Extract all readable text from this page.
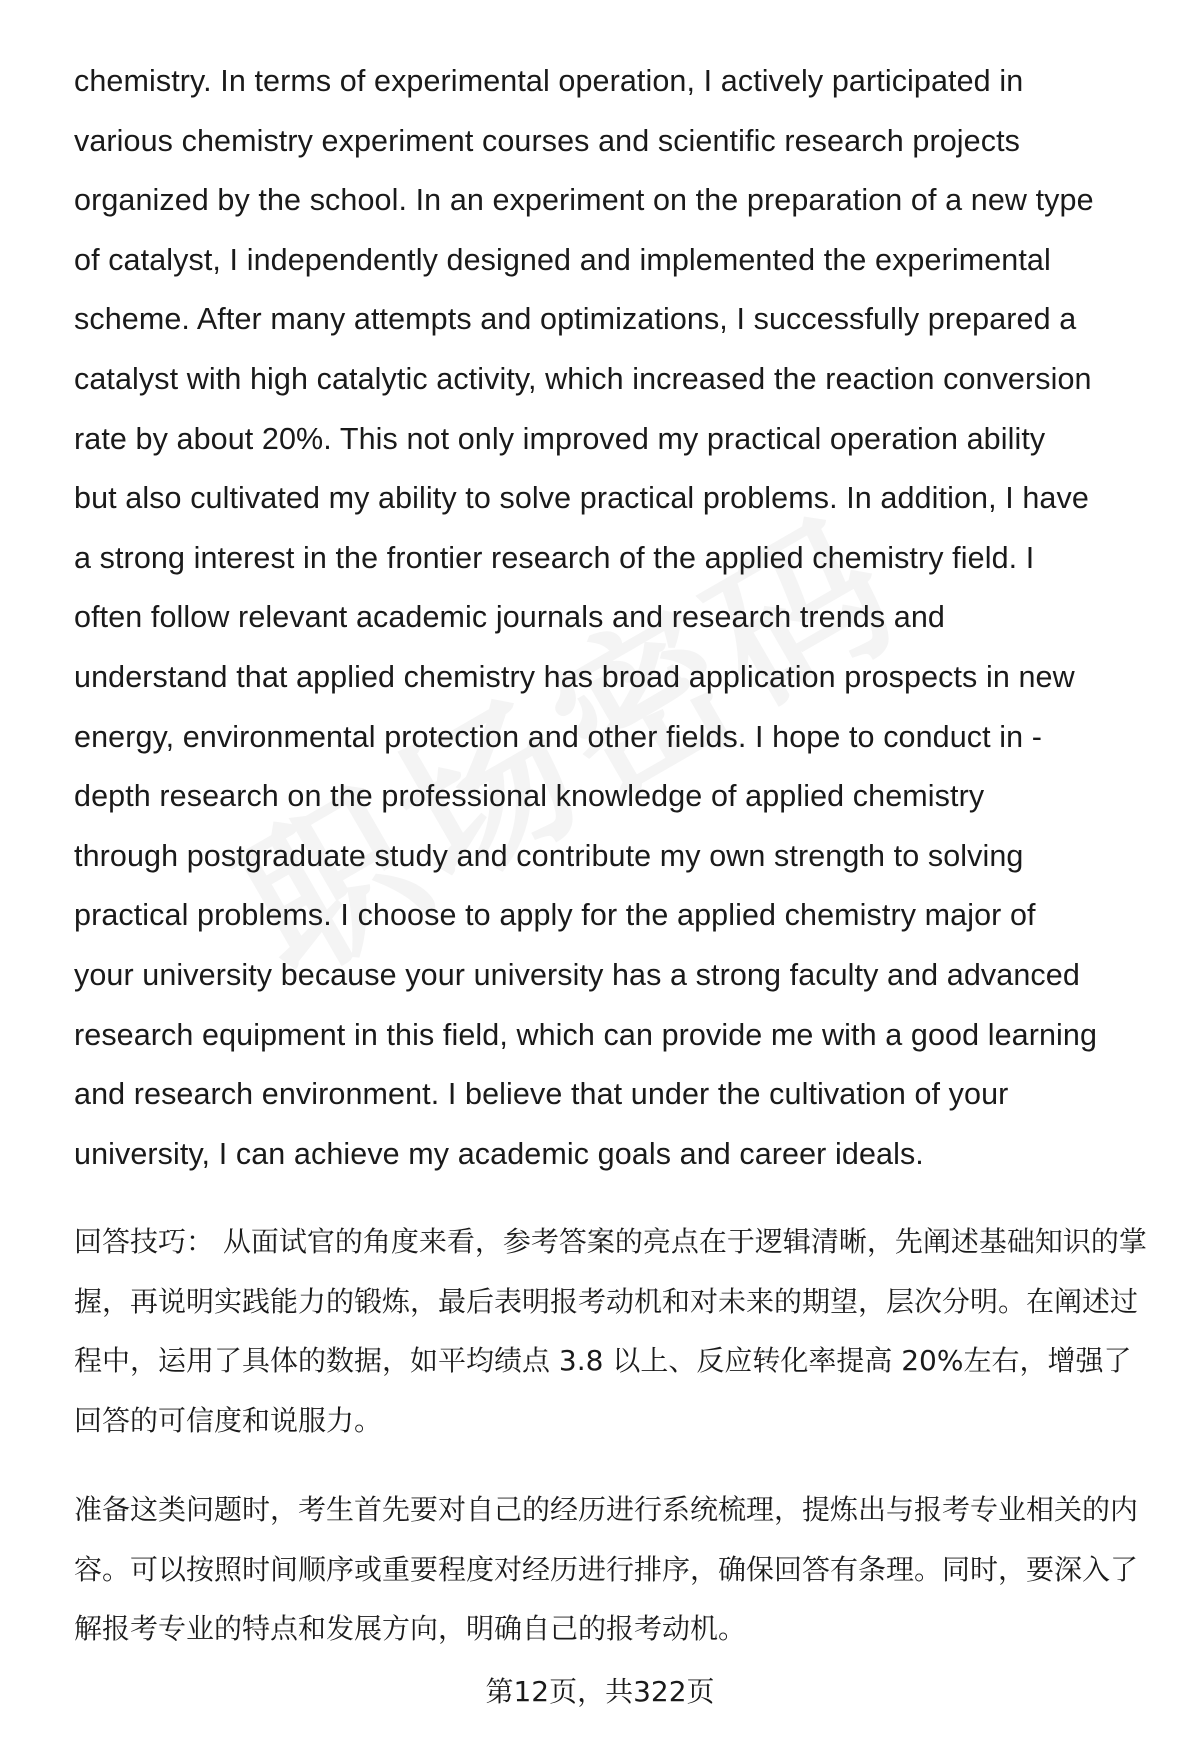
chemistry. In terms of experimental operation, I actively participated in
various chemistry experiment courses and scientific research projects
organized by the school. In an experiment on the preparation of a new type
of catalyst, I independently designed and implemented the experimental
scheme. After many attempts and optimizations, I successfully prepared a
catalyst with high catalytic activity, which increased the reaction conversion
rate by about 20%. This not only improved my practical operation ability
but also cultivated my ability to solve practical problems. In addition, I have
a strong interest in the frontier research of the applied chemistry field. I
often follow relevant academic journals and research trends and
understand that applied chemistry has broad application prospects in new
energy, environmental protection and other fields. I hope to conduct in -
depth research on the professional knowledge of applied chemistry
through postgraduate study and contribute my own strength to solving
practical problems. I choose to apply for the applied chemistry major of
your university because your university has a strong faculty and advanced
research equipment in this field, which can provide me with a good learning
and research environment. I believe that under the cultivation of your
university, I can achieve my academic goals and career ideals.

回答技巧： 从面试官的角度来看，参考答案的亮点在于逻辑清晰，先阐述基础知识的掌握，再说明实践能力的锻炼，最后表明报考动机和对未来的期望，层次分明。在阐述过程中，运用了具体的数据，如平均绩点 3.8 以上、反应转化率提高 20%左右，增强了回答的可信度和说服力。

准备这类问题时，考生首先要对自己的经历进行系统梳理，提炼出与报考专业相关的内容。可以按照时间顺序或重要程度对经历进行排序，确保回答有条理。同时，要深入了解报考专业的特点和发展方向，明确自己的报考动机。

第12页，共322页
